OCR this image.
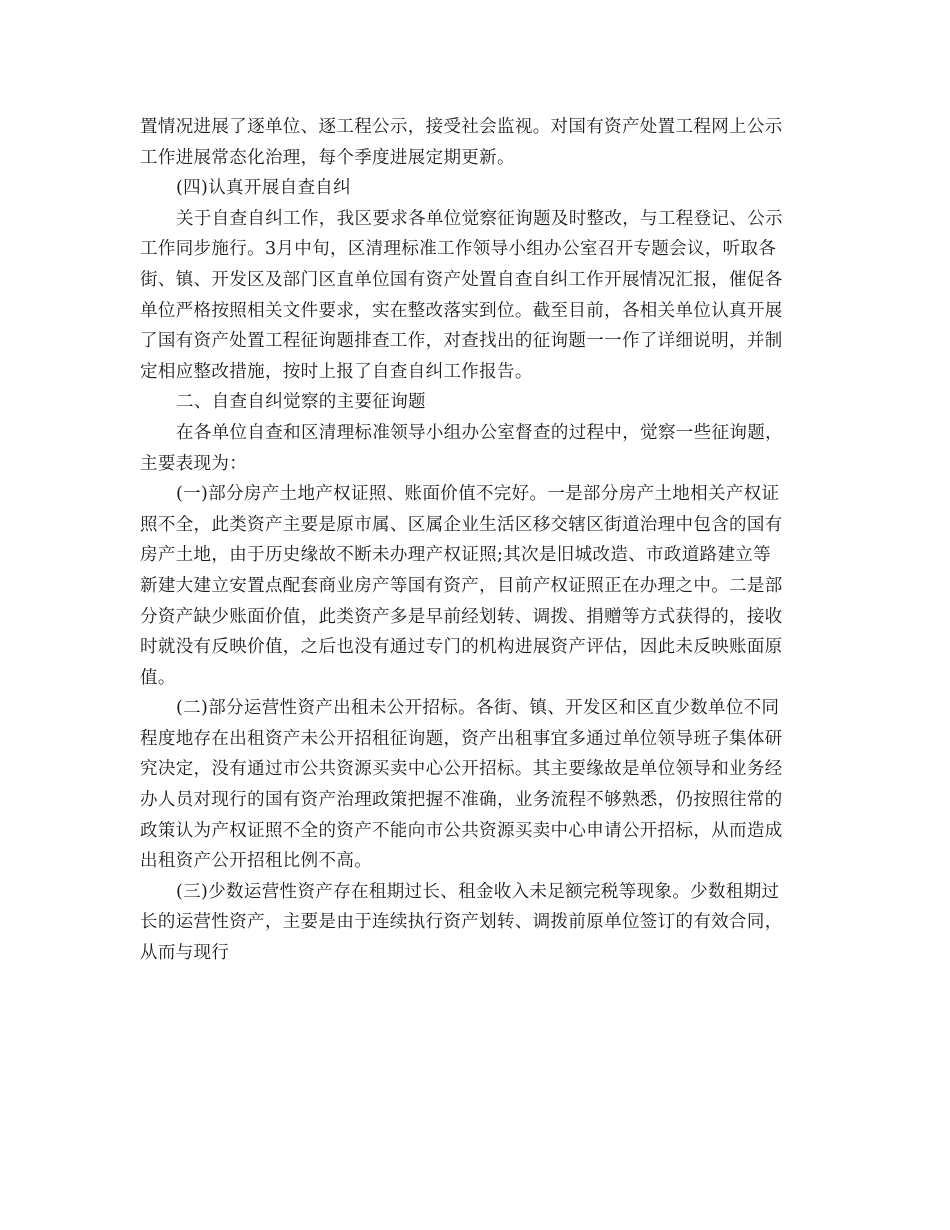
置情况进展了逐单位、逐工程公示，接受社会监视。对国有资产处置工程网上公示
工作进展常态化治理，每个季度进展定期更新。
(四)认真开展自查自纠
关于自查自纠工作，我区要求各单位觉察征询题及时整改，与工程登记、公示
工作同步施行。3月中旬，区清理标准工作领导小组办公室召开专题会议，听取各
街、镇、开发区及部门区直单位国有资产处置自查自纠工作开展情况汇报，催促各
单位严格按照相关文件要求，实在整改落实到位。截至目前，各相关单位认真开展
了国有资产处置工程征询题排查工作，对查找出的征询题一一作了详细说明，并制
定相应整改措施，按时上报了自查自纠工作报告。
二、自查自纠觉察的主要征询题
在各单位自查和区清理标准领导小组办公室督查的过程中，觉察一些征询题，
主要表现为：
(一)部分房产土地产权证照、账面价值不完好。一是部分房产土地相关产权证
照不全，此类资产主要是原市属、区属企业生活区移交辖区街道治理中包含的国有
房产土地，由于历史缘故不断未办理产权证照;其次是旧城改造、市政道路建立等
新建大建立安置点配套商业房产等国有资产，目前产权证照正在办理之中。二是部
分资产缺少账面价值，此类资产多是早前经划转、调拨、捐赠等方式获得的，接收
时就没有反映价值，之后也没有通过专门的机构进展资产评估，因此未反映账面原
值。
(二)部分运营性资产出租未公开招标。各街、镇、开发区和区直少数单位不同
程度地存在出租资产未公开招租征询题，资产出租事宜多通过单位领导班子集体研
究决定，没有通过市公共资源买卖中心公开招标。其主要缘故是单位领导和业务经
办人员对现行的国有资产治理政策把握不准确，业务流程不够熟悉，仍按照往常的
政策认为产权证照不全的资产不能向市公共资源买卖中心申请公开招标，从而造成
出租资产公开招租比例不高。
(三)少数运营性资产存在租期过长、租金收入未足额完税等现象。少数租期过
长的运营性资产，主要是由于连续执行资产划转、调拨前原单位签订的有效合同，
从而与现行
